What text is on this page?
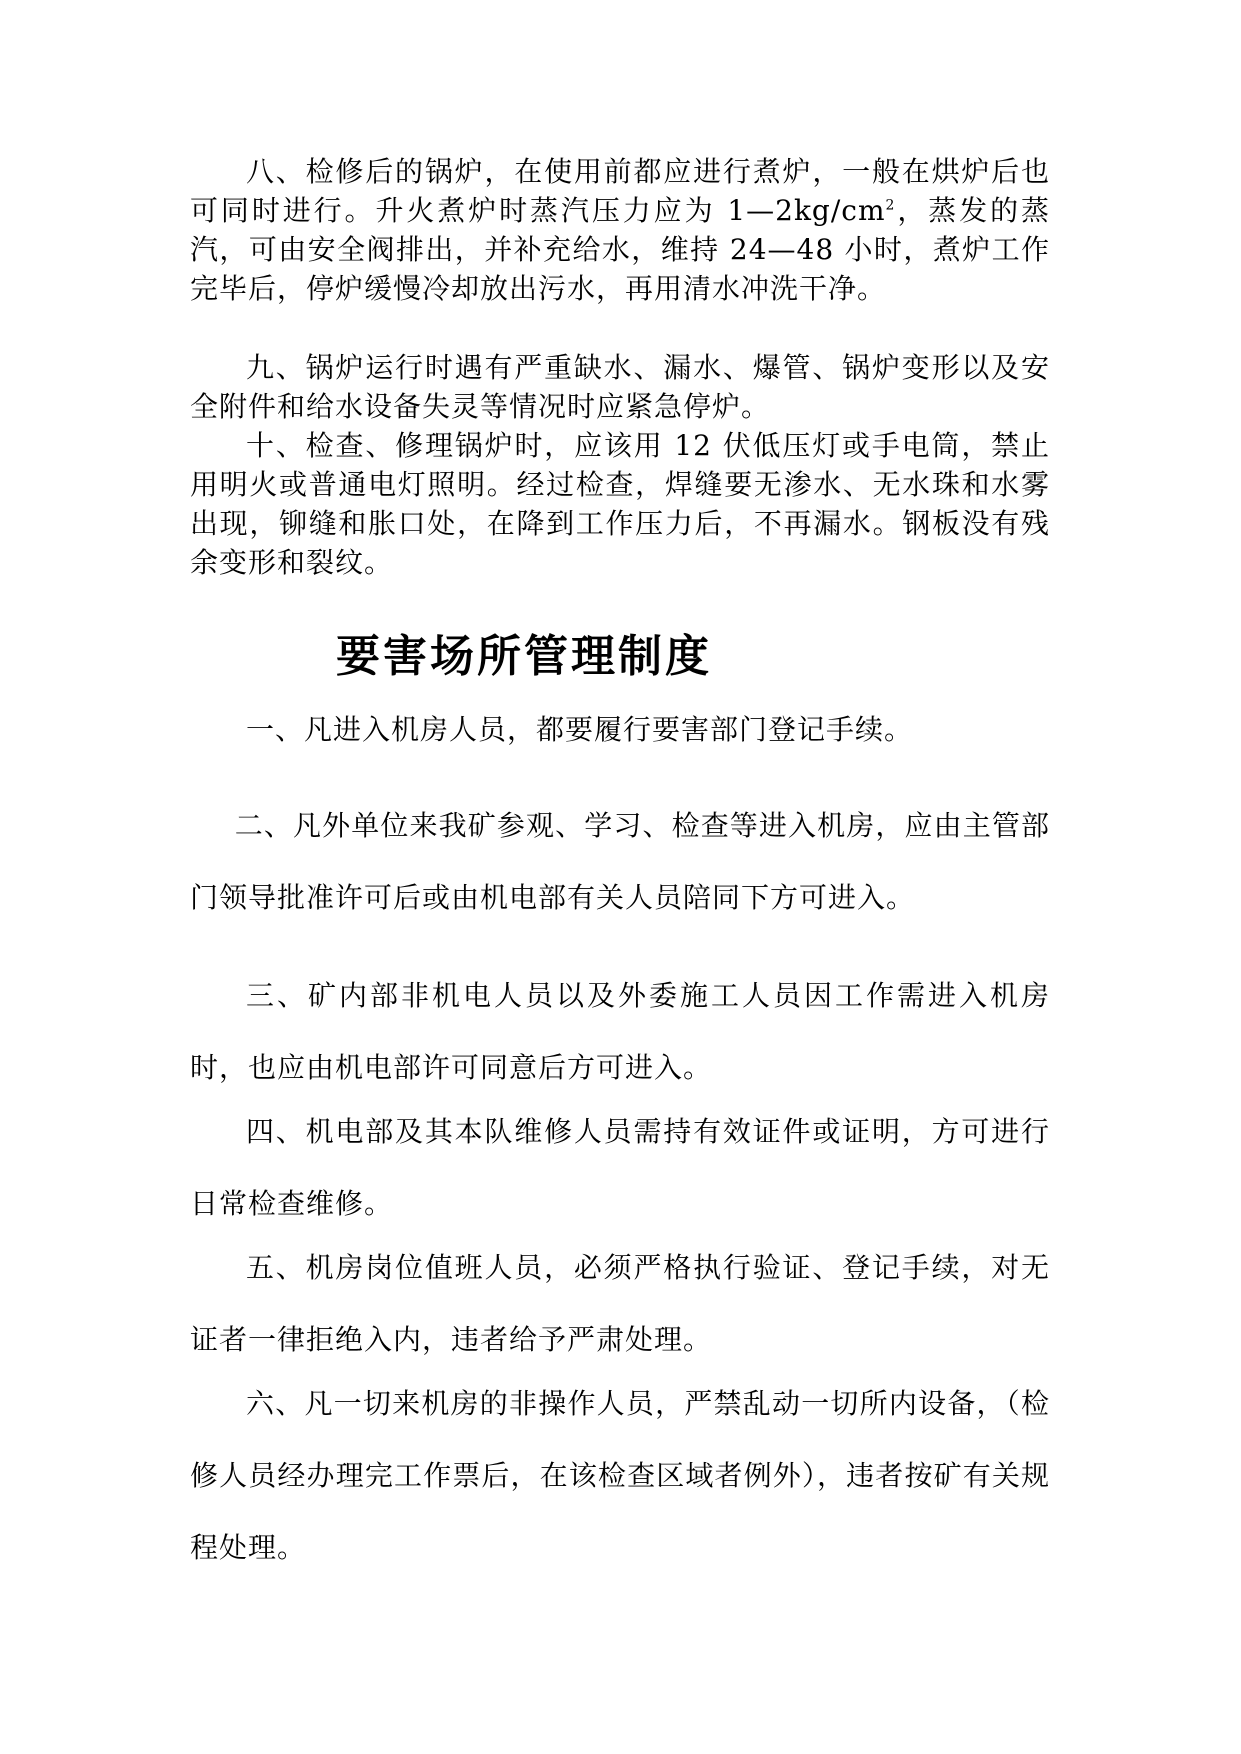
八、检修后的锅炉，在使用前都应进行煮炉，一般在烘炉后也可同时进行。升火煮炉时蒸汽压力应为 $1—2kg/cm^2$，蒸发的蒸汽，可由安全阀排出，并补充给水，维持 24—48 小时，煮炉工作完毕后，停炉缓慢冷却放出污水，再用清水冲洗干净。

九、锅炉运行时遇有严重缺水、漏水、爆管、锅炉变形以及安全附件和给水设备失灵等情况时应紧急停炉。

十、检查、修理锅炉时，应该用 12 伏低压灯或手电筒，禁止用明火或普通电灯照明。经过检查，焊缝要无渗水、无水珠和水雾出现，铆缝和胀口处，在降到工作压力后，不再漏水。钢板没有残余变形和裂纹。

要害场所管理制度

一、凡进入机房人员，都要履行要害部门登记手续。

二、凡外单位来我矿参观、学习、检查等进入机房，应由主管部门领导批准许可后或由机电部有关人员陪同下方可进入。

三、矿内部非机电人员以及外委施工人员因工作需进入机房时，也应由机电部许可同意后方可进入。

四、机电部及其本队维修人员需持有效证件或证明，方可进行日常检查维修。

五、机房岗位值班人员，必须严格执行验证、登记手续，对无证者一律拒绝入内，违者给予严肃处理。

六、凡一切来机房的非操作人员，严禁乱动一切所内设备，（检修人员经办理完工作票后，在该检查区域者例外），违者按矿有关规程处理。
